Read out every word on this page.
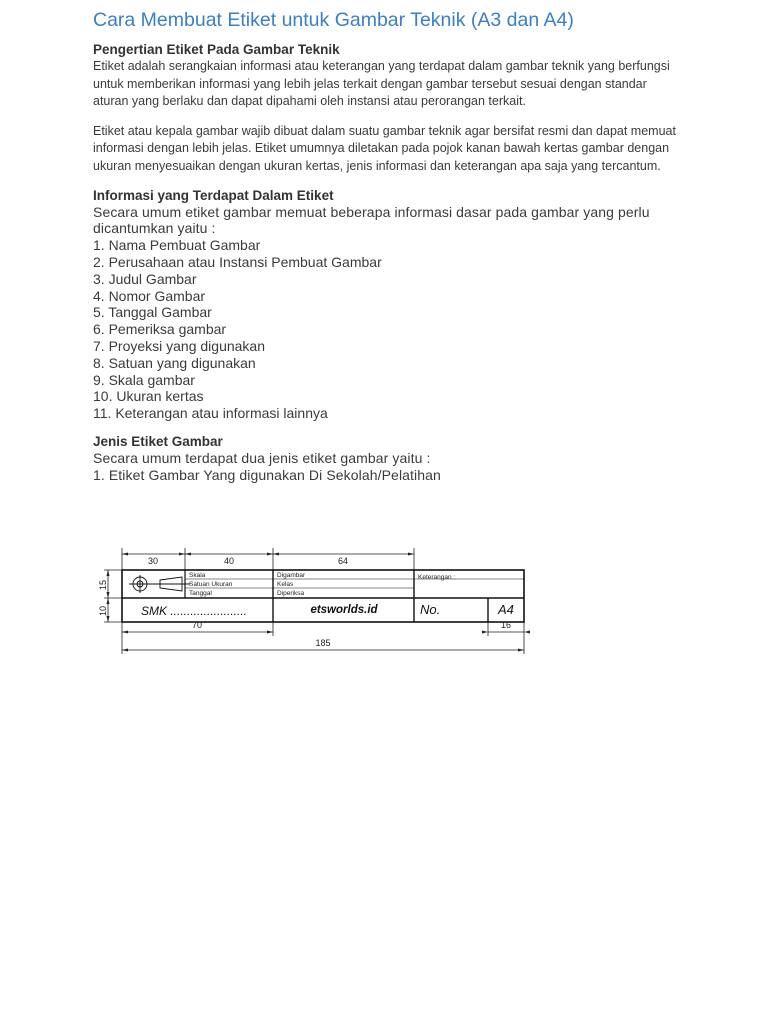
Cara Membuat Etiket untuk Gambar Teknik (A3 dan A4)
Pengertian Etiket Pada Gambar Teknik

Etiket adalah serangkaian informasi atau keterangan yang terdapat dalam gambar teknik yang berfungsi untuk memberikan informasi yang lebih jelas terkait dengan gambar tersebut sesuai dengan standar aturan yang berlaku dan dapat dipahami oleh instansi atau perorangan terkait.

Etiket atau kepala gambar wajib dibuat dalam suatu gambar teknik agar bersifat resmi dan dapat memuat informasi dengan lebih jelas. Etiket umumnya diletakan pada pojok kanan bawah kertas gambar dengan ukuran menyesuaikan dengan ukuran kertas, jenis informasi dan keterangan apa saja yang tercantum.

Informasi yang Terdapat Dalam Etiket

Secara umum etiket gambar memuat beberapa informasi dasar pada gambar yang perlu dicantumkan yaitu :

1. Nama Pembuat Gambar
2. Perusahaan atau Instansi Pembuat Gambar
3. Judul Gambar
4. Nomor Gambar
5. Tanggal Gambar
6. Pemeriksa gambar
7. Proyeksi yang digunakan
8. Satuan yang digunakan
9. Skala gambar
10. Ukuran kertas
11. Keterangan atau informasi lainnya
Jenis Etiket Gambar

Secara umum terdapat dua jenis etiket gambar yaitu :

1. Etiket Gambar Yang digunakan Di Sekolah/Pelatihan

30	40	64
15
10
70	16
185
Skala
Satuan Ukuran
Tanggal
Digambar
Kelas
Diperiksa
Keterangan :
SMK .......................	etsworlds.id	No.	A4
